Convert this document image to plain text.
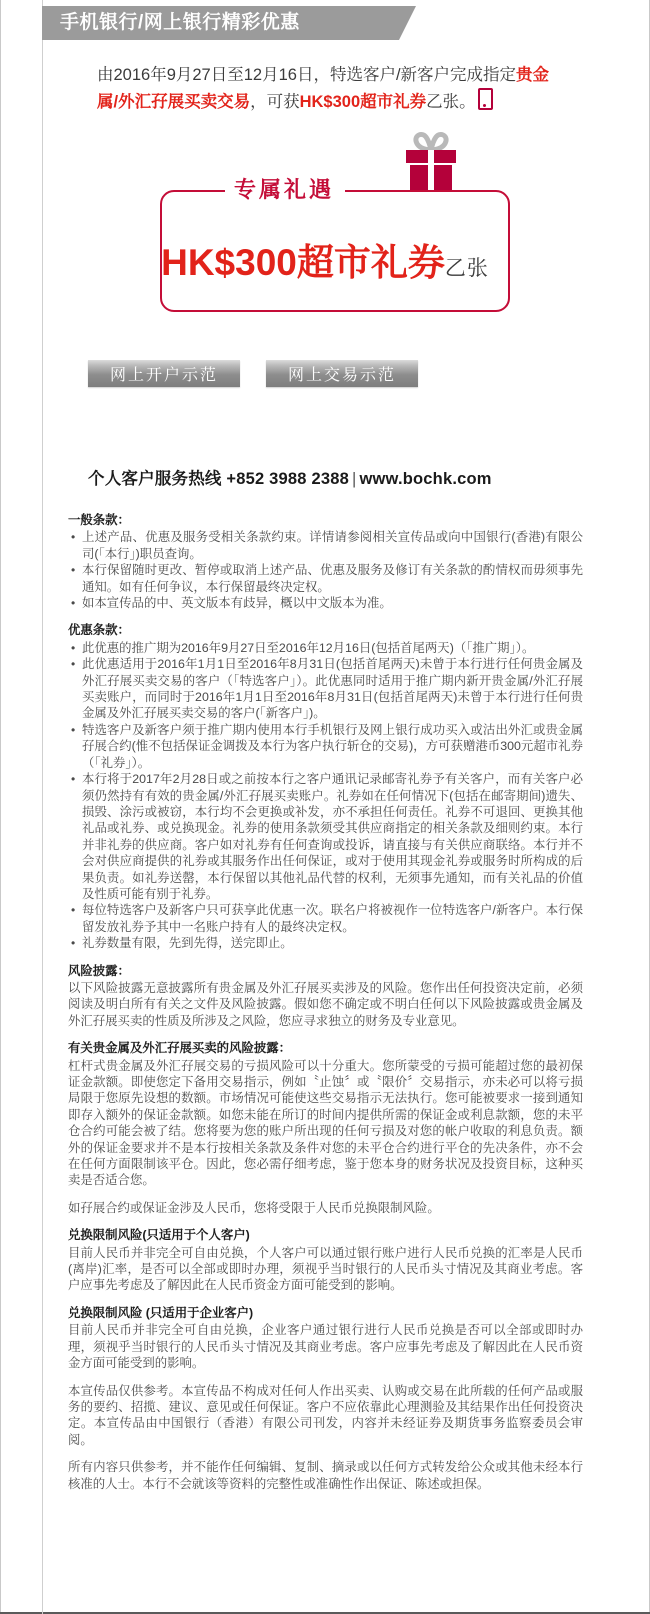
手机银行/网上银行精彩优惠
由2016年9月27日至12月16日，特选客户/新客户完成指定贵金属/外汇孖展买卖交易，可获HK$300超市礼券乙张。
专属礼遇
HK$300超市礼券乙张
网上开户示范	网上交易示范
个人客户服务热线 +852 3988 2388 | www.bochk.com
一般条款：
• 上述产品、优惠及服务受相关条款约束。详情请参阅相关宣传品或向中国银行(香港)有限公司(「本行」)职员查询。
• 本行保留随时更改、暂停或取消上述产品、优惠及服务及修订有关条款的酌情权而毋须事先通知。如有任何争议，本行保留最终决定权。
• 如本宣传品的中、英文版本有歧异，概以中文版本为准。
优惠条款：
• 此优惠的推广期为2016年9月27日至2016年12月16日(包括首尾两天)（「推广期」）。
• 此优惠适用于2016年1月1日至2016年8月31日(包括首尾两天)未曾于本行进行任何贵金属及外汇孖展买卖交易的客户（「特选客户」）。此优惠同时适用于推广期内新开贵金属/外汇孖展买卖账户，而同时于2016年1月1日至2016年8月31日(包括首尾两天)未曾于本行进行任何贵金属及外汇孖展买卖交易的客户(「新客户」)。
• 特选客户及新客户须于推广期内使用本行手机银行及网上银行成功买入或沽出外汇或贵金属孖展合约(惟不包括保证金调拨及本行为客户执行斩仓的交易)，方可获赠港币300元超市礼券（「礼券」）。
• 本行将于2017年2月28日或之前按本行之客户通讯记录邮寄礼券予有关客户，而有关客户必须仍然持有有效的贵金属/外汇孖展买卖账户。礼券如在任何情况下(包括在邮寄期间)遗失、损毁、涂污或被窃，本行均不会更换或补发，亦不承担任何责任。礼券不可退回、更换其他礼品或礼券、或兑换现金。礼券的使用条款须受其供应商指定的相关条款及细则约束。本行并非礼券的供应商。客户如对礼券有任何查询或投诉，请直接与有关供应商联络。本行并不会对供应商提供的礼券或其服务作出任何保证，或对于使用其现金礼券或服务时所构成的后果负责。如礼券送罄，本行保留以其他礼品代替的权利，无须事先通知，而有关礼品的价值及性质可能有别于礼券。
• 每位特选客户及新客户只可获享此优惠一次。联名户将被视作一位特选客户/新客户。本行保留发放礼券予其中一名账户持有人的最终决定权。
• 礼券数量有限，先到先得，送完即止。
风险披露：

以下风险披露无意披露所有贵金属及外汇孖展买卖涉及的风险。您作出任何投资决定前，必须阅读及明白所有有关之文件及风险披露。假如您不确定或不明白任何以下风险披露或贵金属及外汇孖展买卖的性质及所涉及之风险，您应寻求独立的财务及专业意见。

有关贵金属及外汇孖展买卖的风险披露：

杠杆式贵金属及外汇孖展交易的亏损风险可以十分重大。您所蒙受的亏损可能超过您的最初保证金款额。即使您定下备用交易指示，例如〝止蚀〞或〝限价〞交易指示，亦未必可以将亏损局限于您原先设想的数额。市场情况可能使这些交易指示无法执行。您可能被要求一接到通知即存入额外的保证金款额。如您未能在所订的时间内提供所需的保证金或利息款额，您的未平仓合约可能会被了结。您将要为您的账户所出现的任何亏损及对您的帐户收取的利息负责。额外的保证金要求并不是本行按相关条款及条件对您的未平仓合约进行平仓的先决条件，亦不会在任何方面限制该平仓。因此，您必需仔细考虑，鉴于您本身的财务状况及投资目标，这种买卖是否适合您。

如孖展合约或保证金涉及人民币，您将受限于人民币兑换限制风险。

兑换限制风险(只适用于个人客户)

目前人民币并非完全可自由兑换，个人客户可以通过银行账户进行人民币兑换的汇率是人民币(离岸)汇率，是否可以全部或即时办理，须视乎当时银行的人民币头寸情况及其商业考虑。客户应事先考虑及了解因此在人民币资金方面可能受到的影响。

兑换限制风险 (只适用于企业客户)

目前人民币并非完全可自由兑换，企业客户通过银行进行人民币兑换是否可以全部或即时办理，须视乎当时银行的人民币头寸情况及其商业考虑。客户应事先考虑及了解因此在人民币资金方面可能受到的影响。

本宣传品仅供参考。本宣传品不构成对任何人作出买卖、认购或交易在此所载的任何产品或服务的要约、招揽、建议、意见或任何保证。客户不应依靠此心理测验及其结果作出任何投资决定。本宣传品由中国银行（香港）有限公司刊发，内容并未经证券及期货事务监察委员会审阅。

所有内容只供参考，并不能作任何编辑、复制、摘录或以任何方式转发给公众或其他未经本行核准的人士。本行不会就该等资料的完整性或准确性作出保证、陈述或担保。
